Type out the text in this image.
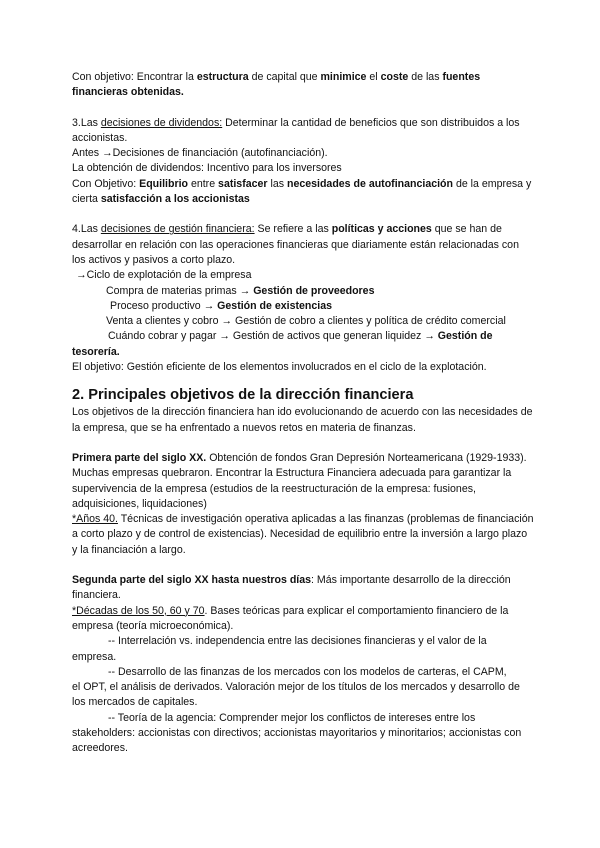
Con objetivo: Encontrar la estructura de capital que minimice el coste de las fuentes financieras obtenidas.

3.Las decisiones de dividendos: Determinar la cantidad de beneficios que son distribuidos a los accionistas.

Antes →Decisiones de financiación (autofinanciación).

La obtención de dividendos: Incentivo para los inversores

Con Objetivo: Equilibrio entre satisfacer las necesidades de autofinanciación de la empresa y cierta satisfacción a los accionistas

4.Las decisiones de gestión financiera: Se refiere a las políticas y acciones que se han de desarrollar en relación con las operaciones financieras que diariamente están relacionadas con los activos y pasivos a corto plazo.

→Ciclo de explotación de la empresa

Compra de materias primas → Gestión de proveedores

Proceso productivo → Gestión de existencias

Venta a clientes y cobro → Gestión de cobro a clientes y política de crédito comercial

Cuándo cobrar y pagar → Gestión de activos que generan liquidez → Gestión de tesorería.

El objetivo: Gestión eficiente de los elementos involucrados en el ciclo de la explotación.

2. Principales objetivos de la dirección financiera

Los objetivos de la dirección financiera han ido evolucionando de acuerdo con las necesidades de la empresa, que se ha enfrentado a nuevos retos en materia de finanzas.

Primera parte del siglo XX. Obtención de fondos Gran Depresión Norteamericana (1929-1933). Muchas empresas quebraron. Encontrar la Estructura Financiera adecuada para garantizar la supervivencia de la empresa (estudios de la reestructuración de la empresa: fusiones, adquisiciones, liquidaciones)

*Años 40. Técnicas de investigación operativa aplicadas a las finanzas (problemas de financiación a corto plazo y de control de existencias). Necesidad de equilibrio entre la inversión a largo plazo y la financiación a largo.

Segunda parte del siglo XX hasta nuestros días: Más importante desarrollo de la dirección financiera.

*Décadas de los 50, 60 y 70. Bases teóricas para explicar el comportamiento financiero de la empresa (teoría microeconómica).

-- Interrelación vs. independencia entre las decisiones financieras y el valor de la

empresa.

-- Desarrollo de las finanzas de los mercados con los modelos de carteras, el CAPM,

el OPT, el análisis de derivados. Valoración mejor de los títulos de los mercados y desarrollo de los mercados de capitales.

-- Teoría de la agencia: Comprender mejor los conflictos de intereses entre los

stakeholders: accionistas con directivos; accionistas mayoritarios y minoritarios; accionistas con acreedores.
